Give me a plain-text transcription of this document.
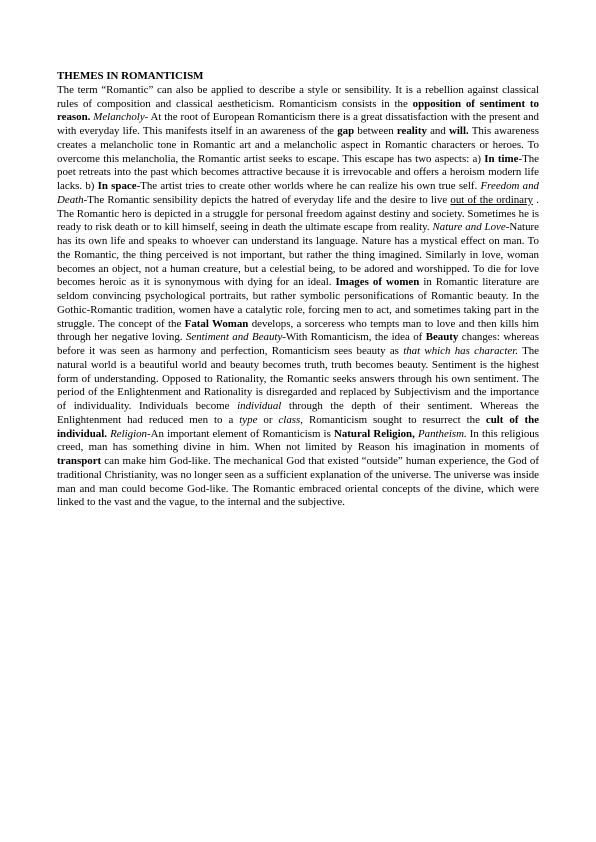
THEMES IN ROMANTICISM

The term “Romantic” can also be applied to describe a style or sensibility. It is a rebellion against classical rules of composition and classical aestheticism. Romanticism consists in the opposition of sentiment to reason. Melancholy- At the root of European Romanticism there is a great dissatisfaction with the present and with everyday life. This manifests itself in an awareness of the gap between reality and will. This awareness creates a melancholic tone in Romantic art and a melancholic aspect in Romantic characters or heroes. To overcome this melancholia, the Romantic artist seeks to escape. This escape has two aspects: a) In time-The poet retreats into the past which becomes attractive because it is irrevocable and offers a heroism modern life lacks. b) In space-The artist tries to create other worlds where he can realize his own true self. Freedom and Death-The Romantic sensibility depicts the hatred of everyday life and the desire to live out of the ordinary . The Romantic hero is depicted in a struggle for personal freedom against destiny and society. Sometimes he is ready to risk death or to kill himself, seeing in death the ultimate escape from reality. Nature and Love-Nature has its own life and speaks to whoever can understand its language. Nature has a mystical effect on man. To the Romantic, the thing perceived is not important, but rather the thing imagined. Similarly in love, woman becomes an object, not a human creature, but a celestial being, to be adored and worshipped. To die for love becomes heroic as it is synonymous with dying for an ideal. Images of women in Romantic literature are seldom convincing psychological portraits, but rather symbolic personifications of Romantic beauty. In the Gothic-Romantic tradition, women have a catalytic role, forcing men to act, and sometimes taking part in the struggle. The concept of the Fatal Woman develops, a sorceress who tempts man to love and then kills him through her negative loving. Sentiment and Beauty-With Romanticism, the idea of Beauty changes: whereas before it was seen as harmony and perfection, Romanticism sees beauty as that which has character. The natural world is a beautiful world and beauty becomes truth, truth becomes beauty. Sentiment is the highest form of understanding. Opposed to Rationality, the Romantic seeks answers through his own sentiment. The period of the Enlightenment and Rationality is disregarded and replaced by Subjectivism and the importance of individuality. Individuals become individual through the depth of their sentiment. Whereas the Enlightenment had reduced men to a type or class, Romanticism sought to resurrect the cult of the individual. Religion-An important element of Romanticism is Natural Religion, Pantheism. In this religious creed, man has something divine in him. When not limited by Reason his imagination in moments of transport can make him God-like. The mechanical God that existed “outside” human experience, the God of traditional Christianity, was no longer seen as a sufficient explanation of the universe. The universe was inside man and man could become God-like. The Romantic embraced oriental concepts of the divine, which were linked to the vast and the vague, to the internal and the subjective.
